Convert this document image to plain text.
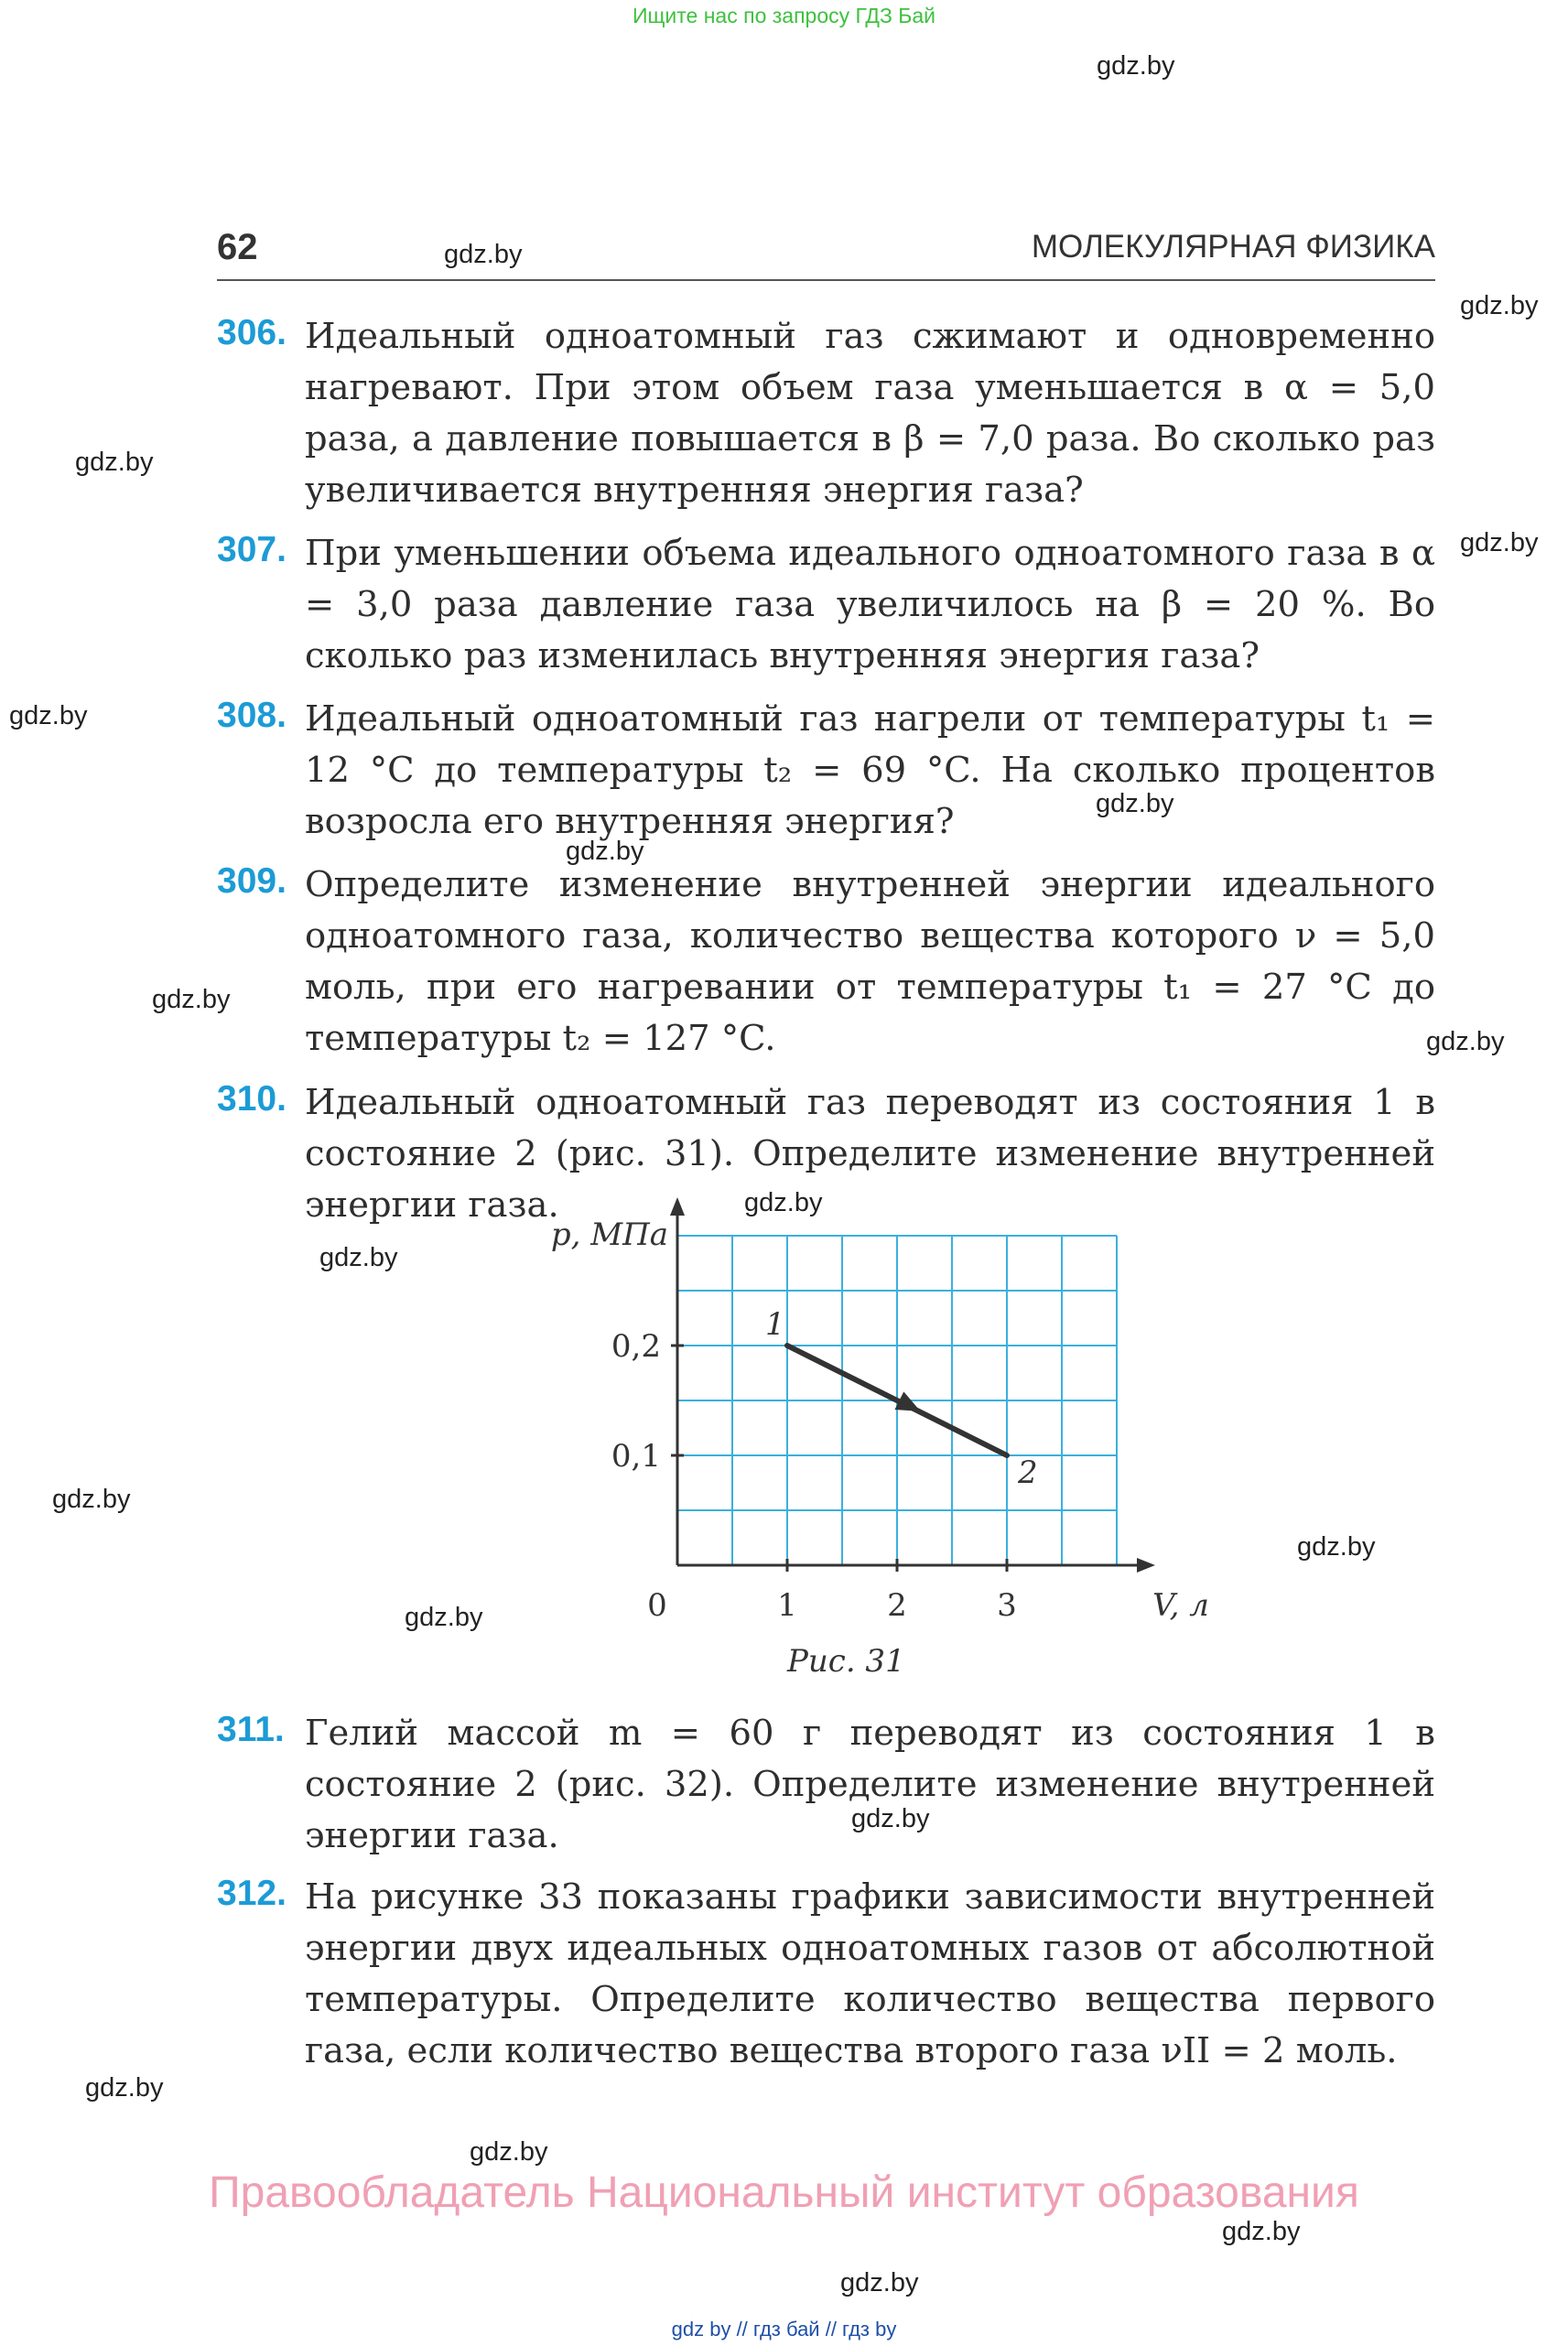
Ищите нас по запросу ГДЗ Бай
gdz.by
gdz.by
gdz.by
gdz.by
gdz.by
gdz.by
gdz.by
gdz.by
gdz.by
gdz.by
gdz.by
gdz.by
gdz.by
gdz.by
gdz.by
gdz.by
gdz.by
gdz.by
gdz.by
gdz.by
62	МОЛЕКУЛЯРНАЯ ФИЗИКА
306. Идеальный одноатомный газ сжимают и одновременно нагревают. При этом объем газа уменьшается в α = 5,0 раза, а давление повышается в β = 7,0 раза. Во сколько раз увеличивается внутренняя энергия газа?
307. При уменьшении объема идеального одноатомного газа в α = 3,0 раза давление газа увеличилось на β = 20 %. Во сколько раз изменилась внутренняя энергия газа?
308. Идеальный одноатомный газ нагрели от температуры t₁ = 12 °C до температуры t₂ = 69 °C. На сколько процентов возросла его внутренняя энергия?
309. Определите изменение внутренней энергии идеального одноатомного газа, количество вещества которого ν = 5,0 моль, при его нагревании от температуры t₁ = 27 °C до температуры t₂ = 127 °C.
310. Идеальный одноатомный газ переводят из состояния 1 в состояние 2 (рис. 31). Определите изменение внутренней энергии газа.
1	2	3
0,2
0,1
0	V, л
p, МПа
1
2
Рис. 31
311. Гелий массой m = 60 г переводят из состояния 1 в состояние 2 (рис. 32). Определите изменение внутренней энергии газа.
312. На рисунке 33 показаны графики зависимости внутренней энергии двух идеальных одноатомных газов от абсолютной температуры. Определите количество вещества первого газа, если количество вещества второго газа νII = 2 моль.
Правообладатель Национальный институт образования
gdz by // гдз бай // гдз by
